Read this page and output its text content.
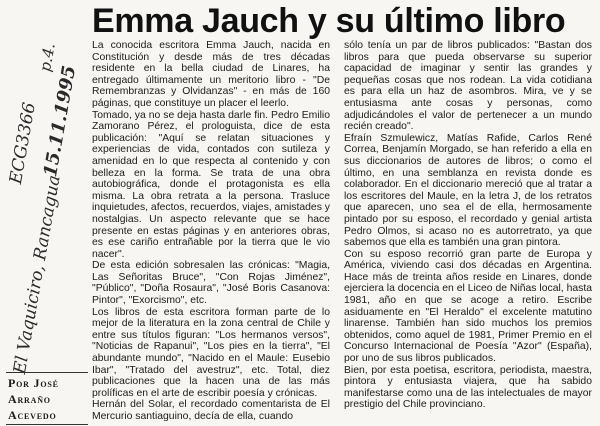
Emma Jauch y su último libro
p.4.
ECG3366 15.11.1995
El Vaquiciro, Rancagua

La conocida escritora Emma Jauch, nacida en Constitución y desde más de tres décadas residente en la bella ciudad de Linares, ha entregado últimamente un meritorio libro - "De Remembranzas y Olvidanzas" - en más de 160 páginas, que constituye un placer el leerlo.

Tomado, ya no se deja hasta darle fin. Pedro Emilio Zamorano Pérez, el prologuista, dice de esta publicación: "Aquí se relatan situaciones y experiencias de vida, contados con sutileza y amenidad en lo que respecta al contenido y con belleza en la forma. Se trata de una obra autobiográfica, donde el protagonista es ella misma. La obra retrata a la persona. Trasluce inquietudes, afectos, recuerdos, viajes, amistades y nostalgias. Un aspecto relevante que se hace presente en estas páginas y en anteriores obras, es ese cariño entrañable por la tierra que le vio nacer".

De esta edición sobresalen las crónicas: "Magia, Las Señoritas Bruce", "Con Rojas Jiménez", "Público", "Doña Rosaura", "José Boris Casanova: Pintor", "Exorcismo", etc.

Los libros de esta escritora forman parte de lo mejor de la literatura en la zona central de Chile y entre sus títulos figuran: "Los hermanos versos", "Noticias de Rapanui", "Los pies en la tierra", "El abundante mundo", "Nacido en el Maule: Eusebio Ibar", "Tratado del avestruz", etc. Total, diez publicaciones que la hacen una de las más prolíficas en el arte de escribir poesía y crónicas.

Hernán del Solar, el recordado comentarista de El Mercurio santiaguino, decía de ella, cuando

sólo tenía un par de libros publicados: "Bastan dos libros para que pueda observarse su superior capacidad de imaginar y sentir las grandes y pequeñas cosas que nos rodean. La vida cotidiana es para ella un haz de asombros. Mira, ve y se entusiasma ante cosas y personas, como adjudicándoles el valor de pertenecer a un mundo recién creado".

Efraín Szmulewicz, Matías Rafide, Carlos René Correa, Benjamín Morgado, se han referido a ella en sus diccionarios de autores de libros; o como el último, en una semblanza en revista donde es colaborador. En el diccionario mereció que al tratar a los escritores del Maule, en la letra J, de los retratos que aparecen, uno sea el de ella, hermosamente pintado por su esposo, el recordado y genial artista Pedro Olmos, si acaso no es autorretrato, ya que sabemos que ella es también una gran pintora.

Con su esposo recorrió gran parte de Europa y América, viviendo casi dos décadas en Argentina. Hace más de treinta años reside en Linares, donde ejerciera la docencia en el Liceo de Niñas local, hasta 1981, año en que se acoge a retiro. Escribe asiduamente en "El Heraldo" el excelente matutino linarense. También han sido muchos los premios obtenidos, como aquel de 1981, Primer Premio en el Concurso Internacional de Poesía "Azor" (España), por uno de sus libros publicados.

Bien, por esta poetisa, escritora, periodista, maestra, pintora y entusiasta viajera, que ha sabido manifestarse como una de las intelectuales de mayor prestigio del Chile provinciano.

Por José
Arraño
Acevedo
